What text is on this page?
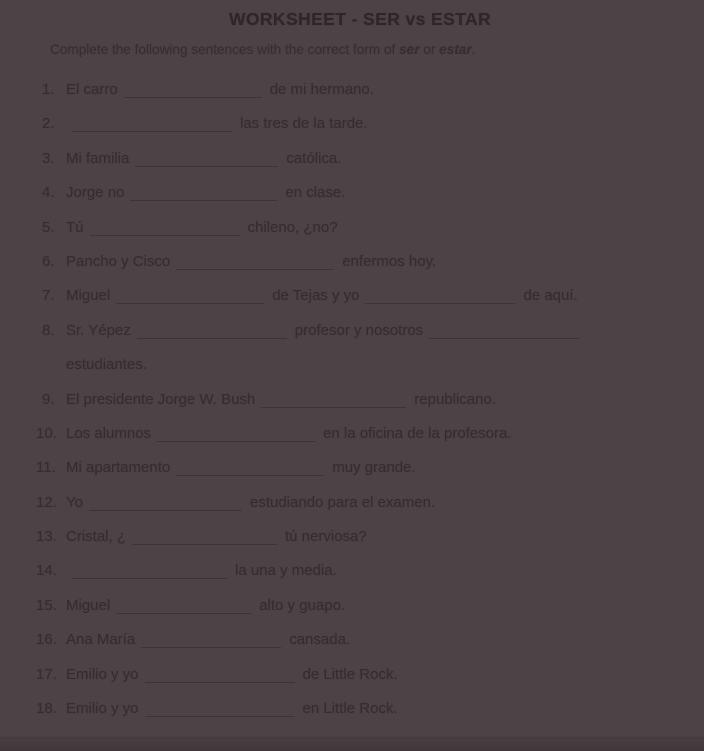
WORKSHEET - SER vs ESTAR
Complete the following sentences with the correct form of ser or estar.
1. El carro	de mi hermano.
2.	las tres de la tarde.
3. Mi familia	católica.
4. Jorge no	en clase.
5. Tú	chileno, ¿no?
6. Pancho y Cisco	enfermos hoy.
7. Miguel	de Tejas y yo	de aquí.
8. Sr. Yépez	profesor y nosotros
estudiantes.
9. El presidente Jorge W. Bush	republicano.
10. Los alumnos	en la oficina de la profesora.
11. Mi apartamento	muy grande.
12. Yo	estudiando para el examen.
13. Cristal, ¿	tú nerviosa?
14.	la una y media.
15. Miguel	alto y guapo.
16. Ana María	cansada.
17. Emilio y yo	de Little Rock.
18. Emilio y yo	en Little Rock.
